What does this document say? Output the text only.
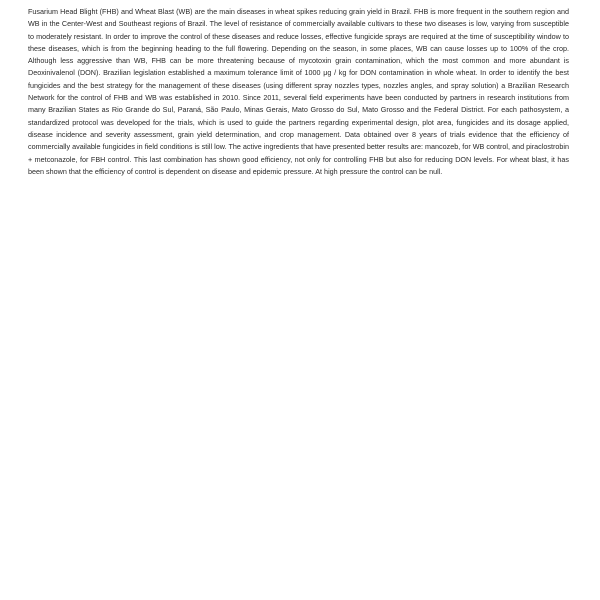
Fusarium Head Blight (FHB) and Wheat Blast (WB) are the main diseases in wheat spikes reducing grain yield in Brazil. FHB is more frequent in the southern region and WB in the Center-West and Southeast regions of Brazil. The level of resistance of commercially available cultivars to these two diseases is low, varying from susceptible to moderately resistant. In order to improve the control of these diseases and reduce losses, effective fungicide sprays are required at the time of susceptibility window to these diseases, which is from the beginning heading to the full flowering. Depending on the season, in some places, WB can cause losses up to 100% of the crop. Although less aggressive than WB, FHB can be more threatening because of mycotoxin grain contamination, which the most common and more abundant is Deoxinivalenol (DON). Brazilian legislation established a maximum tolerance limit of 1000 μg / kg for DON contamination in whole wheat. In order to identify the best fungicides and the best strategy for the management of these diseases (using different spray nozzles types, nozzles angles, and spray solution) a Brazilian Research Network for the control of FHB and WB was established in 2010. Since 2011, several field experiments have been conducted by partners in research institutions from many Brazilian States as Rio Grande do Sul, Paraná, São Paulo, Minas Gerais, Mato Grosso do Sul, Mato Grosso and the Federal District. For each pathosystem, a standardized protocol was developed for the trials, which is used to guide the partners regarding experimental design, plot area, fungicides and its dosage applied, disease incidence and severity assessment, grain yield determination, and crop management. Data obtained over 8 years of trials evidence that the efficiency of commercially available fungicides in field conditions is still low. The active ingredients that have presented better results are: mancozeb, for WB control, and piraclostrobin + metconazole, for FBH control. This last combination has shown good efficiency, not only for controlling FHB but also for reducing DON levels. For wheat blast, it has been shown that the efficiency of control is dependent on disease and epidemic pressure. At high pressure the control can be null.
